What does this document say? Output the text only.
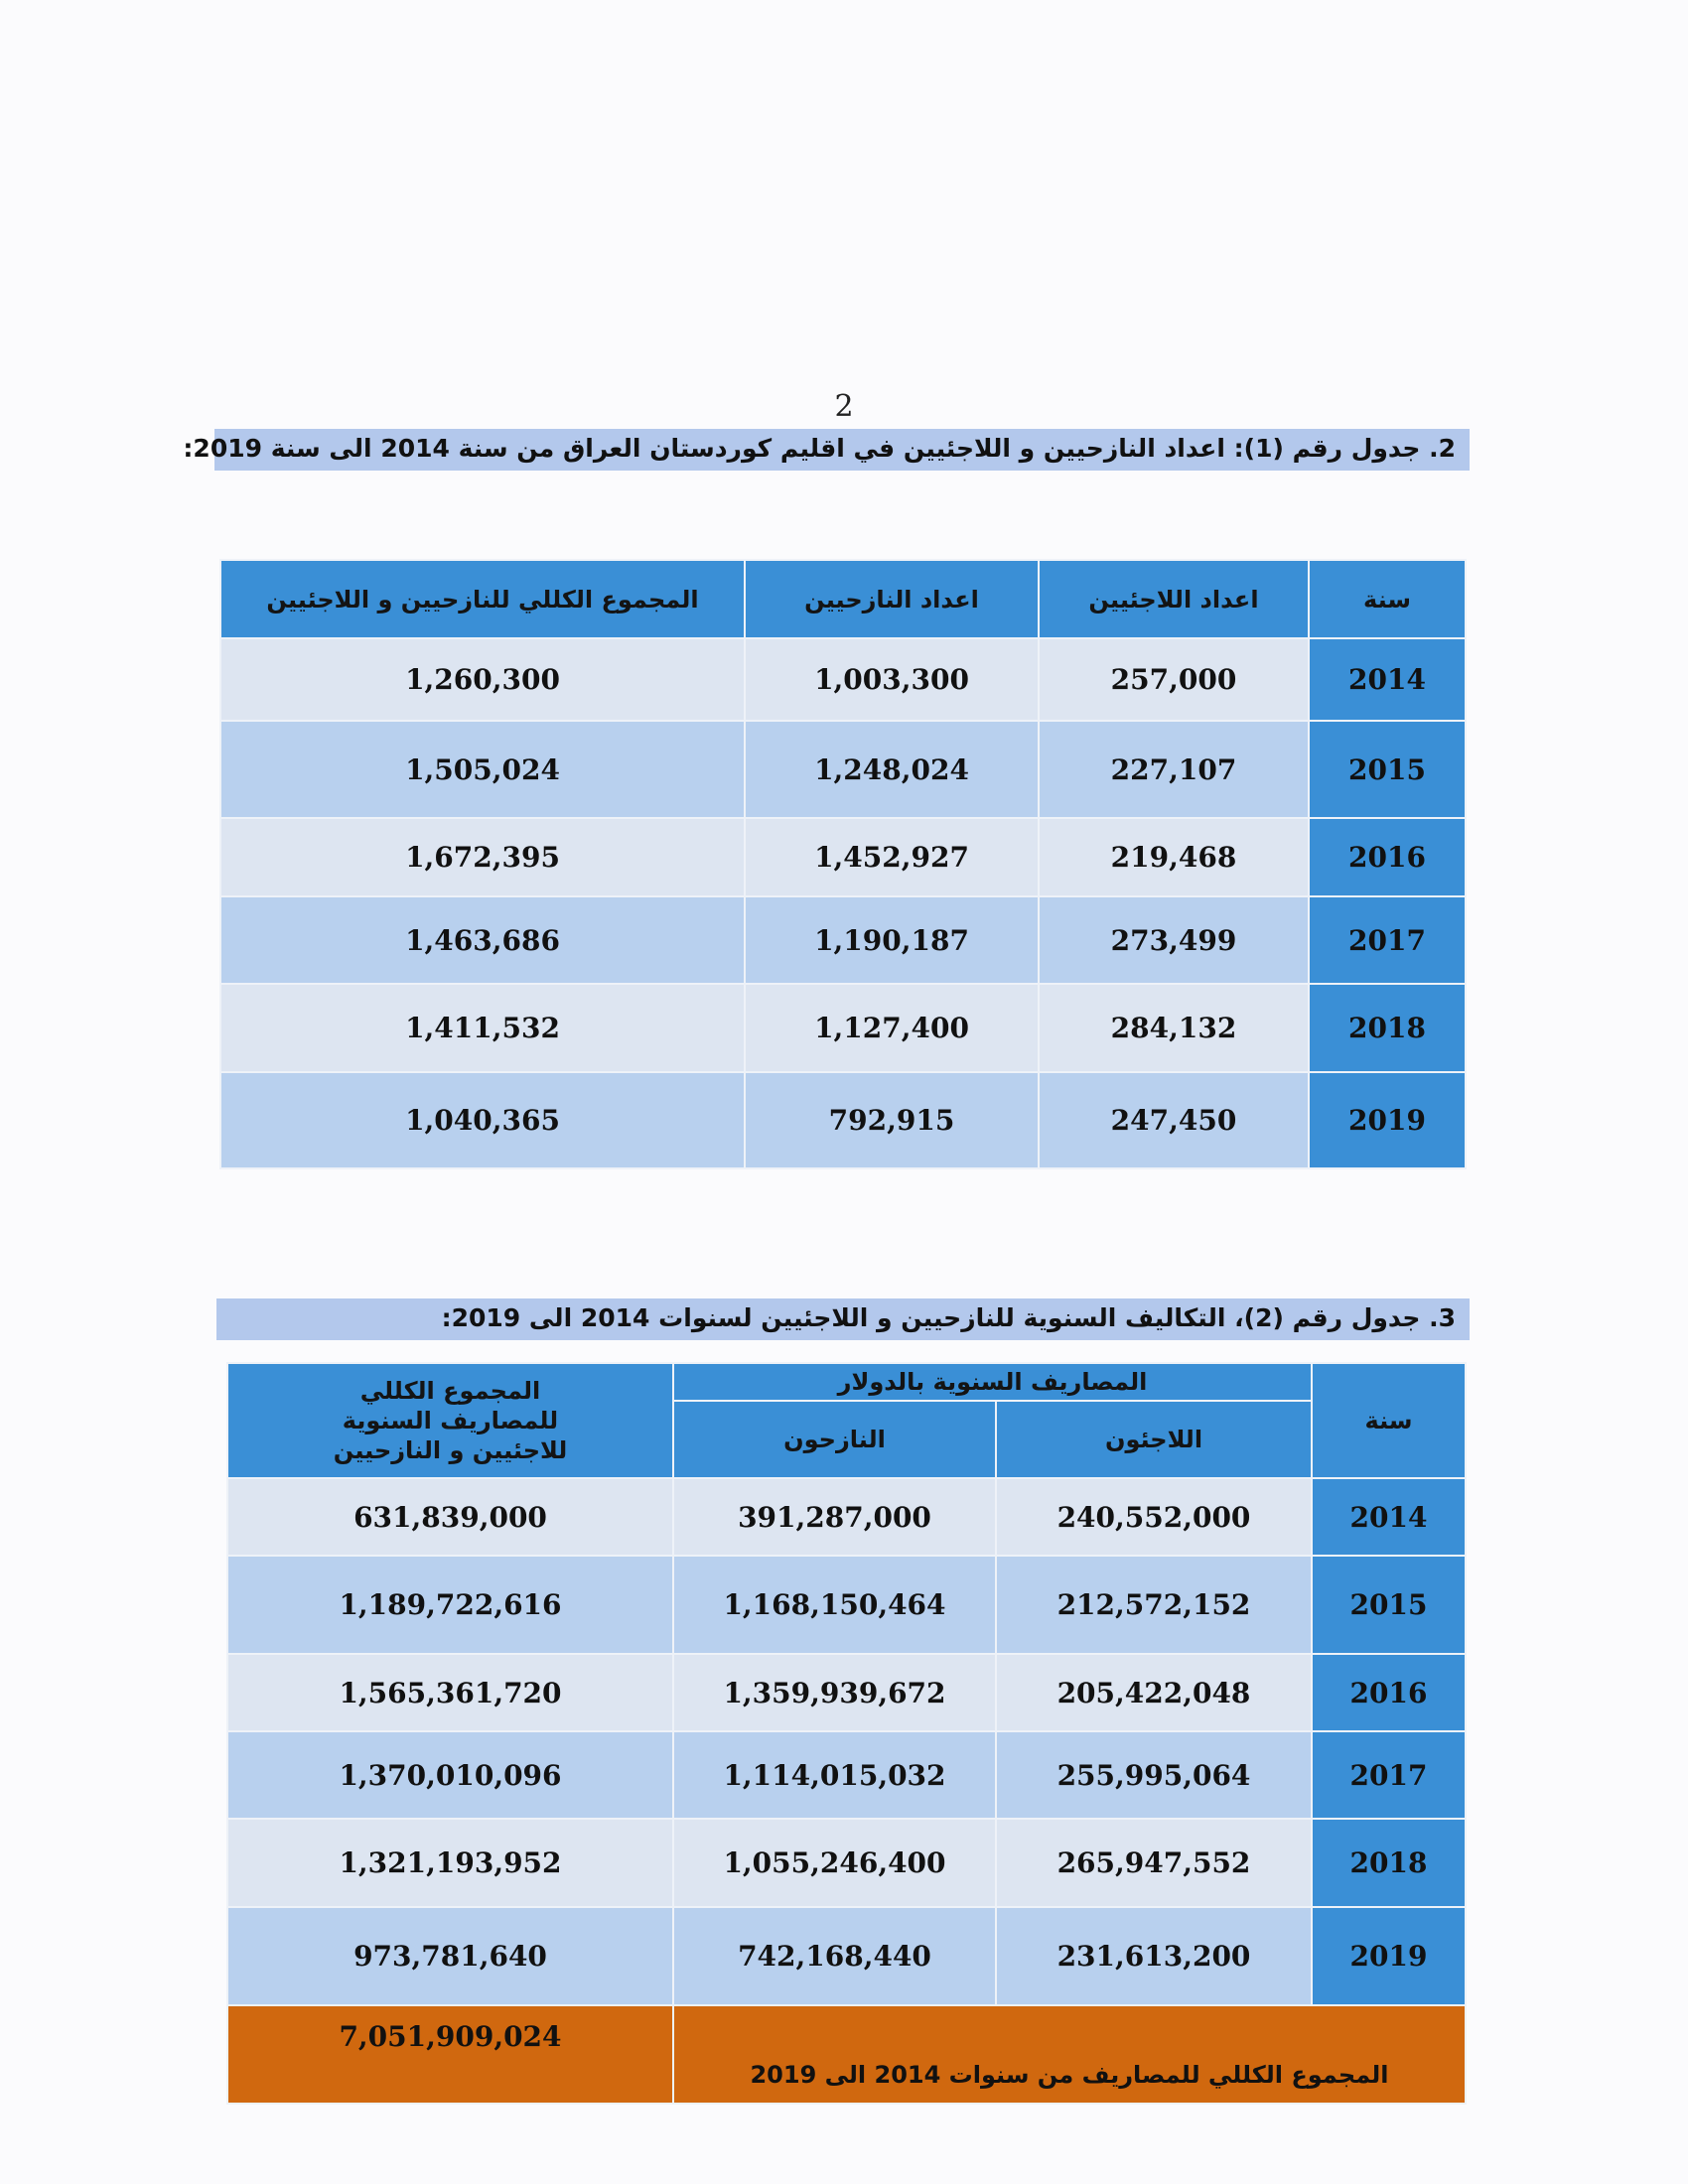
2
2. جدول رقم (1): اعداد النازحيين و اللاجئيين في اقليم كوردستان العراق من سنة 2014 الى سنة 2019:
سنة	اعداد اللاجئيين	اعداد النازحيين	المجموع الكللي للنازحيين و اللاجئيين
2014	257,000	1,003,300	1,260,300
2015	227,107	1,248,024	1,505,024
2016	219,468	1,452,927	1,672,395
2017	273,499	1,190,187	1,463,686
2018	284,132	1,127,400	1,411,532
2019	247,450	792,915	1,040,365
3. جدول رقم (2)، التكاليف السنوية للنازحيين و اللاجئيين لسنوات 2014 الى 2019:
سنة	المصاريف السنوية بالدولار		المجموع الكللي
للمصاريف السنوية
للاجئيين و النازحيين

	اللاجئون	النازحون	
2014	240,552,000	391,287,000	631,839,000
2015	212,572,152	1,168,150,464	1,189,722,616
2016	205,422,048	1,359,939,672	1,565,361,720
2017	255,995,064	1,114,015,032	1,370,010,096
2018	265,947,552	1,055,246,400	1,321,193,952
2019	231,613,200	742,168,440	973,781,640
المجموع الكللي للمصاريف من سنوات 2014 الى 2019			7,051,909,024
